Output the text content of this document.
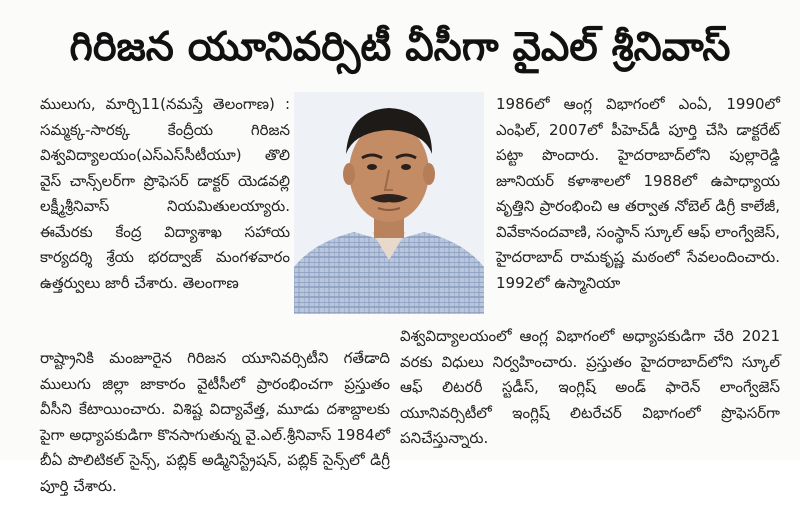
గిరిజన యూనివర్సిటీ వీసీగా వైఎల్ శ్రీనివాస్

ములుగు, మార్చి11(నమస్తే తెలంగాణ) : సమ్మక్క-సారక్క కేంద్రీయ గిరిజన విశ్వవిద్యాలయం(ఎస్ఎస్‌సీటీయూ) తొలి వైస్ చాన్స్‌లర్‌గా ప్రొఫెసర్ డాక్టర్ యెడవల్లి లక్ష్మీశ్రీనివాస్ నియమితులయ్యారు. ఈమేరకు కేంద్ర విద్యాశాఖ సహాయ కార్యదర్శి శ్రేయ భరద్వాజ్ మంగళవారం ఉత్తర్వులు జారీ చేశారు. తెలంగాణ

రాష్ట్రానికి మంజూరైన గిరిజన యూనివర్సిటీని గతేడాది ములుగు జిల్లా జాకారం వైటీసీలో ప్రారంభించగా ప్రస్తుతం వీసీని కేటాయించారు. విశిష్ట విద్యావేత్త, మూడు దశాబ్దాలకు పైగా అధ్యాపకుడిగా కొనసాగుతున్న వై.ఎల్.శ్రీనివాస్ 1984లో బీఏ పొలిటికల్ సైన్స్, పబ్లిక్ అడ్మినిస్ట్రేషన్, పబ్లిక్ సైన్స్‌లో డిగ్రీ పూర్తి చేశారు.

1986లో ఆంగ్ల విభాగంలో ఎంఏ, 1990లో ఎంఫిల్, 2007లో పీహెచ్‌డీ పూర్తి చేసి డాక్టరేట్ పట్టా పొందారు. హైదరాబాద్‌లోని పుల్లారెడ్డి జూనియర్ కళాశాలలో 1988లో ఉపాధ్యాయ వృత్తిని ప్రారంభించి ఆ తర్వాత నోబెల్ డిగ్రీ కాలేజీ, వివేకానందవాణి, సంస్థాన్ స్కూల్ ఆఫ్ లాంగ్వేజెస్, హైదరాబాద్ రామకృష్ణ మఠంలో సేవలందించారు. 1992లో ఉస్మానియా

విశ్వవిద్యాలయంలో ఆంగ్ల విభాగంలో అధ్యాపకుడిగా చేరి 2021 వరకు విధులు నిర్వహించారు. ప్రస్తుతం హైదరాబాద్‌లోని స్కూల్ ఆఫ్ లిటరరీ స్టడీస్, ఇంగ్లిష్ అండ్ ఫారెన్ లాంగ్వేజెస్ యూనివర్సిటీలో ఇంగ్లిష్ లిటరేచర్ విభాగంలో ప్రొఫెసర్‌గా పనిచేస్తున్నారు.
